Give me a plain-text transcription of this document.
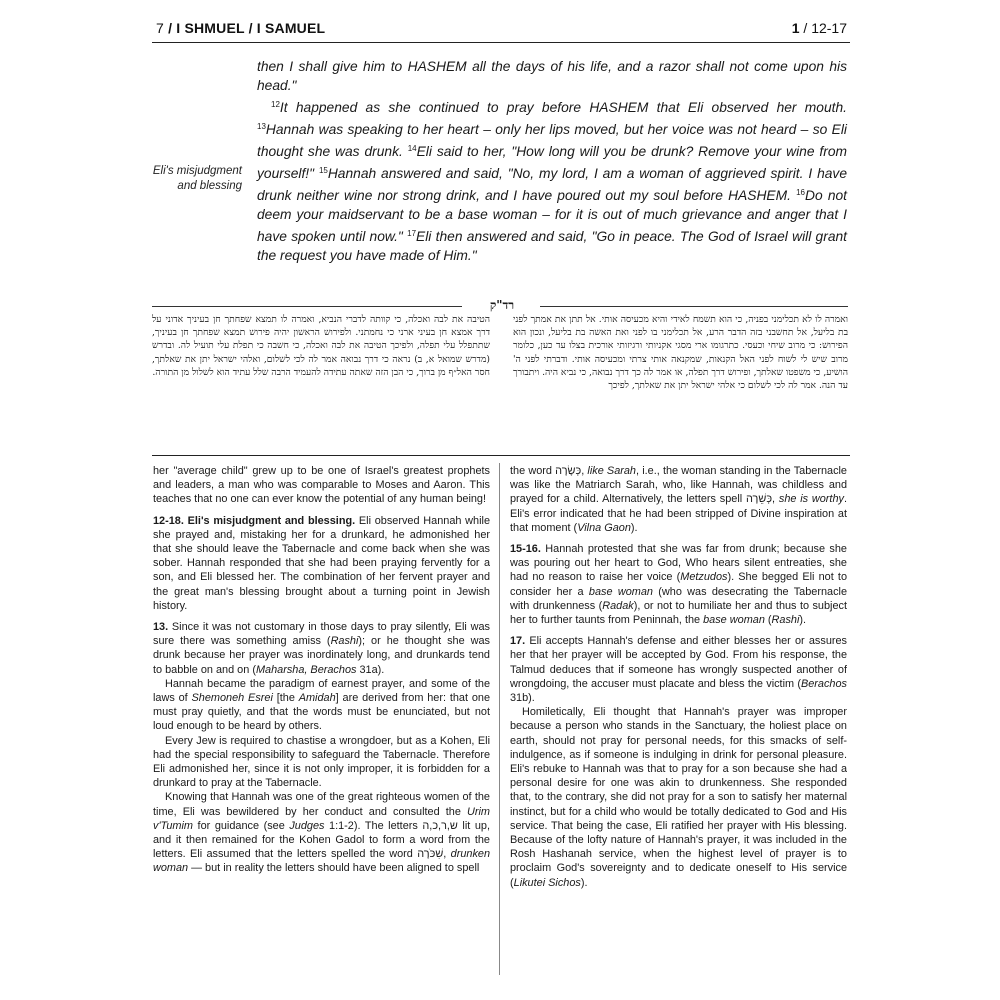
7 / I SHMUEL / I SAMUEL	1 / 12-17

then I shall give him to HASHEM all the days of his life, and a razor shall not come upon his head."

$^{12}$It happened as she continued to pray before HASHEM that Eli observed her mouth. $^{13}$Hannah was speaking to her heart – only her lips moved, but her voice was not heard – so Eli thought she was drunk. $^{14}$Eli said to her, "How long will you be drunk? Remove your wine from yourself!" $^{15}$Hannah answered and said, "No, my lord, I am a woman of aggrieved spirit. I have drunk neither wine nor strong drink, and I have poured out my soul before HASHEM. $^{16}$Do not deem your maidservant to be a base woman – for it is out of much grievance and anger that I have spoken until now." $^{17}$Eli then answered and said, "Go in peace. The God of Israel will grant the request you have made of Him."

Eli's misjudgment and blessing
רד"ק
ואמרה לו לא תכלימני בפניה, כי הוא תשמח לאידי והיא מכעיסה אותי. אל תתן את אמתך לפני בת בליעל, אל תחשבני בזה הדבר הרע, אל תכלימני בו לפני ואת האשה בת בליעל, ונכון הוא הפירוש: כי מרוב שיחי וכעסי. כתרגומו ארי מסגי אקניותי ורגיזותי אורכית בצלו עד כען, כלומר מרוב שיש לי לשוח לפני האל הקנאות, שמקנאה אותי צרתי ומכעיסה אותי. ודברתי לפני ה' הושיע, כי משפטו שאלתך, ופירוש דרך תפלה, או אמר לה כך דרך נבואה, כי נביא היה. ויתבורך עד הנה. אמר לה לכי לשלום כי אלהי ישראל יתן את שאלתך, לפיכך
הטיבה את לבה ואכלה, כי קוותה לדברי הנביא, ואמרה לו תמצא שפחתך חן בעיניך אדוני על דרך אמצא חן בעיני ארני כי נחמתני. ולפירוש הראשון יהיה פירוש תמצא שפחתך חן בעיניך, שתתפלל עלי תפלה, ולפיכך הטיבה את לבה ואכלה, כי חשבה כי תפלת עלי תועיל לה. ובדרש (מדרש שמואל א, ב) נראה כי דרך נבואה אמר לה לכי לשלום, ואלהי ישראל יתן את שאלתך, חסר האל״ף מן ברוך, כי הבן הזה שאתה עתידה להעמיד הרבה שלל עתיד הוא לשלול מן התורה.

her "average child" grew up to be one of Israel's greatest prophets and leaders, a man who was comparable to Moses and Aaron. This teaches that no one can ever know the potential of any human being!

12-18. Eli's misjudgment and blessing. Eli observed Hannah while she prayed and, mistaking her for a drunkard, he admonished her that she should leave the Tabernacle and come back when she was sober. Hannah responded that she had been praying fervently for a son, and Eli blessed her. The combination of her fervent prayer and the great man's blessing brought about a turning point in Jewish history.

13. Since it was not customary in those days to pray silently, Eli was sure there was something amiss (Rashi); or he thought she was drunk because her prayer was inordinately long, and drunkards tend to babble on and on (Maharsha, Berachos 31a).

Hannah became the paradigm of earnest prayer, and some of the laws of Shemoneh Esrei [the Amidah] are derived from her: that one must pray quietly, and that the words must be enunciated, but not loud enough to be heard by others.

Every Jew is required to chastise a wrongdoer, but as a Kohen, Eli had the special responsibility to safeguard the Tabernacle. Therefore Eli admonished her, since it is not only improper, it is forbidden for a drunkard to pray at the Tabernacle.

Knowing that Hannah was one of the great righteous women of the time, Eli was bewildered by her conduct and consulted the Urim v'Tumim for guidance (see Judges 1:1-2). The letters ש,ר,כ,ה lit up, and it then remained for the Kohen Gadol to form a word from the letters. Eli assumed that the letters spelled the word שִׁכֹּרָה, drunken woman — but in reality the letters should have been aligned to spell

the word כְּשָׂרָה, like Sarah, i.e., the woman standing in the Tabernacle was like the Matriarch Sarah, who, like Hannah, was childless and prayed for a child. Alternatively, the letters spell כְּשֵׁרָה, she is worthy. Eli's error indicated that he had been stripped of Divine inspiration at that moment (Vilna Gaon).

15-16. Hannah protested that she was far from drunk; because she was pouring out her heart to God, Who hears silent entreaties, she had no reason to raise her voice (Metzudos). She begged Eli not to consider her a base woman (who was desecrating the Tabernacle with drunkenness (Radak), or not to humiliate her and thus to subject her to further taunts from Peninnah, the base woman (Rashi).

17. Eli accepts Hannah's defense and either blesses her or assures her that her prayer will be accepted by God. From his response, the Talmud deduces that if someone has wrongly suspected another of wrongdoing, the accuser must placate and bless the victim (Berachos 31b).

Homiletically, Eli thought that Hannah's prayer was improper because a person who stands in the Sanctuary, the holiest place on earth, should not pray for personal needs, for this smacks of self-indulgence, as if someone is indulging in drink for personal pleasure. Eli's rebuke to Hannah was that to pray for a son because she had a personal desire for one was akin to drunkenness. She responded that, to the contrary, she did not pray for a son to satisfy her maternal instinct, but for a child who would be totally dedicated to God and His service. That being the case, Eli ratified her prayer with His blessing. Because of the lofty nature of Hannah's prayer, it was included in the Rosh Hashanah service, when the highest level of prayer is to proclaim God's sovereignty and to dedicate oneself to His service (Likutei Sichos).
